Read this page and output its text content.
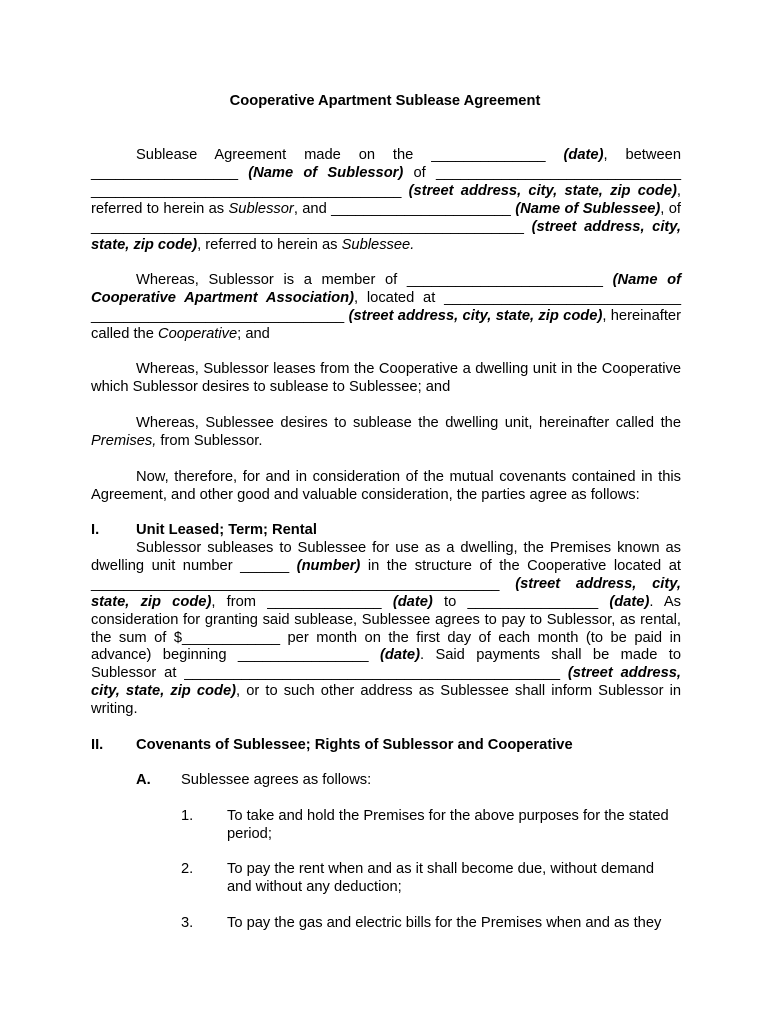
Cooperative Apartment Sublease Agreement
Sublease Agreement made on the ______________ (date), between __________________ (Name of Sublessor) of ______________________________ ______________________________________ (street address, city, state, zip code), referred to herein as Sublessor, and ______________________ (Name of Sublessee), of _____________________________________________________ (street address, city, state, zip code), referred to herein as Sublessee.
Whereas, Sublessor is a member of ________________________ (Name of Cooperative Apartment Association), located at _____________________________ _______________________________ (street address, city, state, zip code), hereinafter called the Cooperative; and
Whereas, Sublessor leases from the Cooperative a dwelling unit in the Cooperative which Sublessor desires to sublease to Sublessee; and
Whereas, Sublessee desires to sublease the dwelling unit, hereinafter called the Premises, from Sublessor.
Now, therefore, for and in consideration of the mutual covenants contained in this Agreement, and other good and valuable consideration, the parties agree as follows:
I.	Unit Leased; Term; Rental
Sublessor subleases to Sublessee for use as a dwelling, the Premises known as dwelling unit number ______ (number) in the structure of the Cooperative located at __________________________________________________ (street address, city, state, zip code), from ______________ (date) to ________________ (date). As consideration for granting said sublease, Sublessee agrees to pay to Sublessor, as rental, the sum of $____________ per month on the first day of each month (to be paid in advance) beginning ________________ (date). Said payments shall be made to Sublessor at ______________________________________________ (street address, city, state, zip code), or to such other address as Sublessee shall inform Sublessor in writing.
II. Covenants of Sublessee; Rights of Sublessor and Cooperative
A. Sublessee agrees as follows:
1. To take and hold the Premises for the above purposes for the stated period;
2. To pay the rent when and as it shall become due, without demand and without any deduction;
3. To pay the gas and electric bills for the Premises when and as they
